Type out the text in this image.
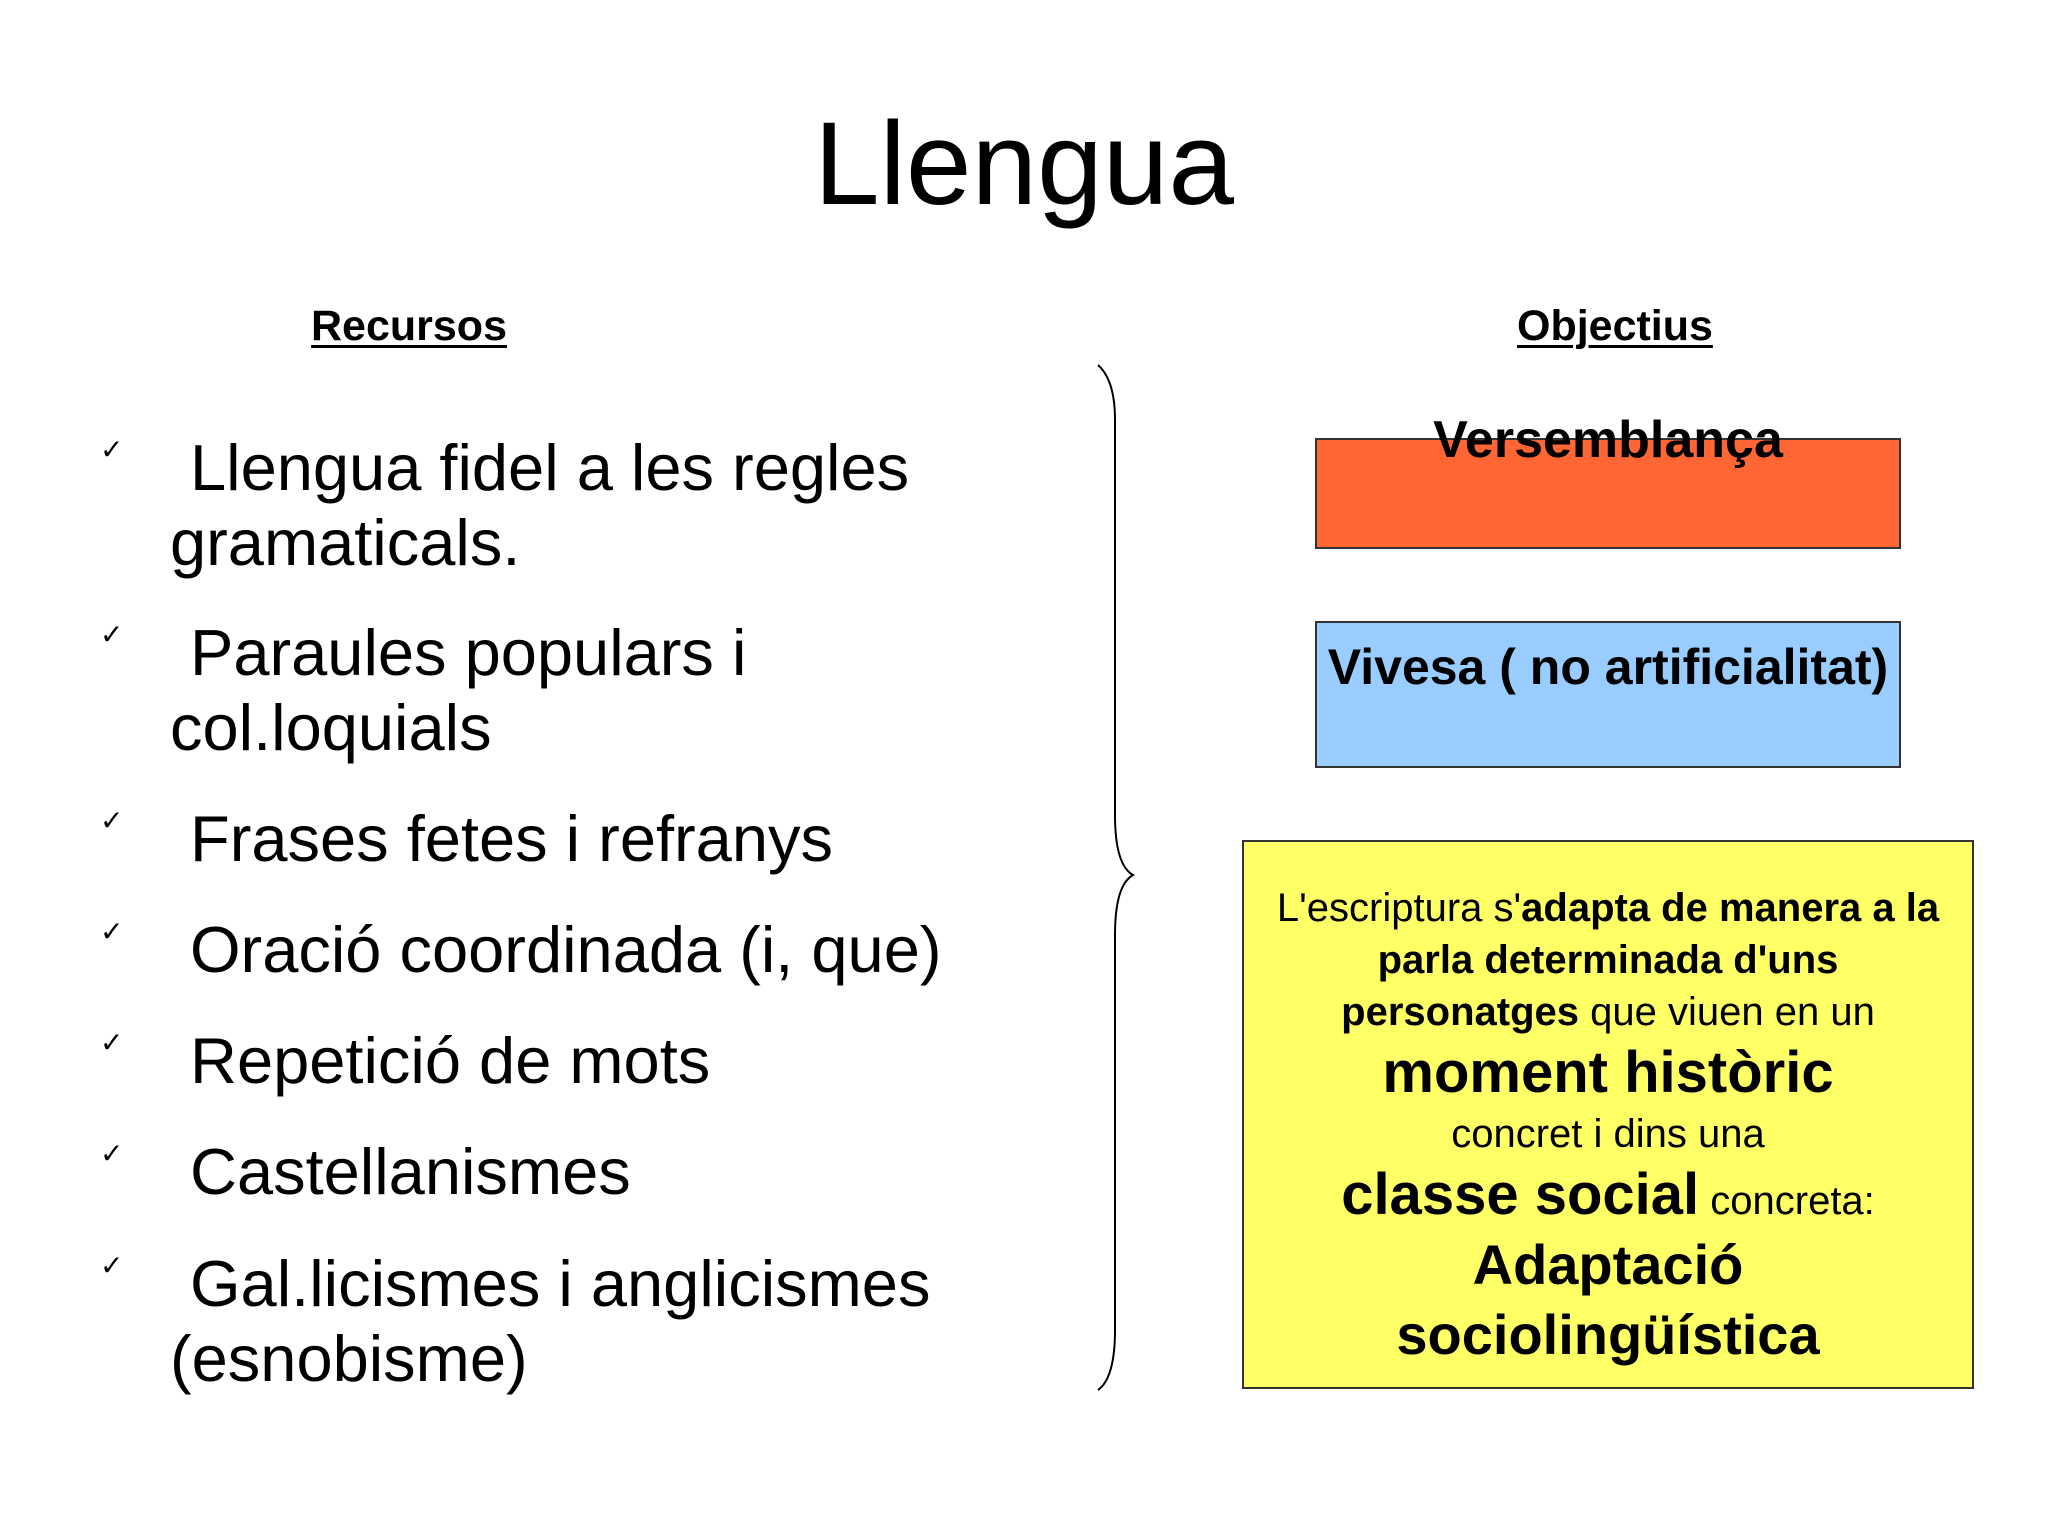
Llengua
Recursos	Objectius
✓	Llengua fidel a les regles gramaticals.
✓	Paraules populars i col.loquials
✓	Frases fetes i refranys
✓	Oració coordinada (i, que)
✓	Repetició de mots
✓	Castellanismes
✓	Gal.licismes i anglicismes (esnobisme)
Versemblança
Vivesa ( no artificialitat)
L'escriptura s'adapta de manera a la parla determinada d'uns personatges que viuen en un
moment històric
concret i dins una
classe social concreta:
Adaptació sociolingüística
